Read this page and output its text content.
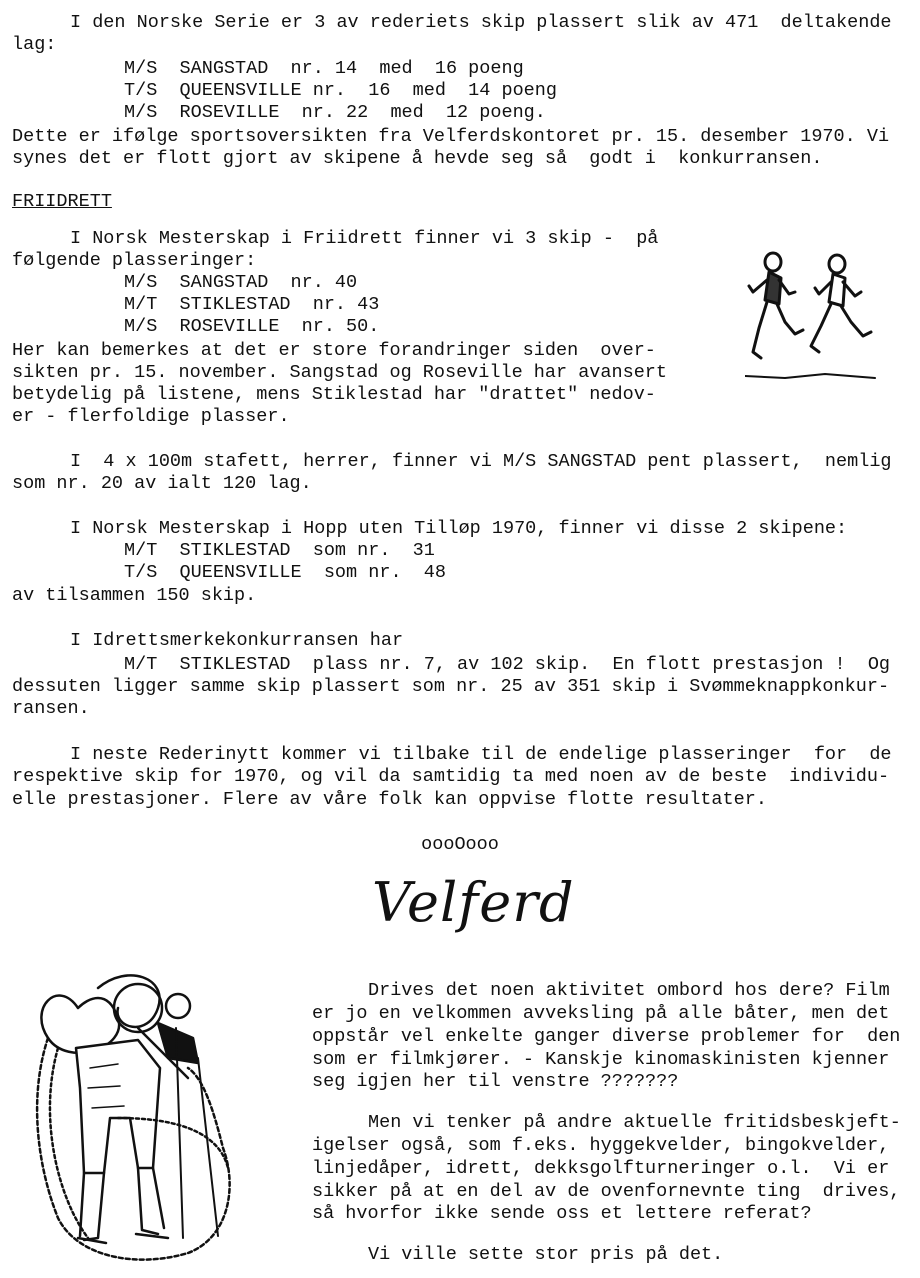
I den Norske Serie er 3 av rederiets skip plassert slik av 471  deltakende
lag:
M/S  SANGSTAD  nr. 14  med  16 poeng
T/S  QUEENSVILLE nr.  16  med  14 poeng
M/S  ROSEVILLE  nr. 22  med  12 poeng.
Dette er ifølge sportsoversikten fra Velferdskontoret pr. 15. desember 1970. Vi
synes det er flott gjort av skipene å hevde seg så  godt i  konkurransen.
FRIIDRETT
I Norsk Mesterskap i Friidrett finner vi 3 skip -  på
følgende plasseringer:
M/S  SANGSTAD  nr. 40
M/T  STIKLESTAD  nr. 43
M/S  ROSEVILLE  nr. 50.
Her kan bemerkes at det er store forandringer siden  over-
sikten pr. 15. november. Sangstad og Roseville har avansert
betydelig på listene, mens Stiklestad har "drattet" nedov-
er - flerfoldige plasser.
I  4 x 100m stafett, herrer, finner vi M/S SANGSTAD pent plassert,  nemlig
som nr. 20 av ialt 120 lag.
I Norsk Mesterskap i Hopp uten Tilløp 1970, finner vi disse 2 skipene:
M/T  STIKLESTAD  som nr.  31
T/S  QUEENSVILLE  som nr.  48
av tilsammen 150 skip.
I Idrettsmerkekonkurransen har
M/T  STIKLESTAD  plass nr. 7, av 102 skip.  En flott prestasjon !  Og
dessuten ligger samme skip plassert som nr. 25 av 351 skip i Svømmeknappkonkur-
ransen.
I neste Rederinytt kommer vi tilbake til de endelige plasseringer  for  de
respektive skip for 1970, og vil da samtidig ta med noen av de beste  individu-
elle prestasjoner. Flere av våre folk kan oppvise flotte resultater.
oooOooo
Velferd
Drives det noen aktivitet ombord hos dere? Film
er jo en velkommen avveksling på alle båter, men det
oppstår vel enkelte ganger diverse problemer for  den
som er filmkjører. - Kanskje kinomaskinisten kjenner
seg igjen her til venstre ???????
Men vi tenker på andre aktuelle fritidsbeskjeft-
igelser også, som f.eks. hyggekvelder, bingokvelder,
linjedåper, idrett, dekksgolfturneringer o.l.  Vi er
sikker på at en del av de ovenfornevnte ting  drives,
så hvorfor ikke sende oss et lettere referat?
Vi ville sette stor pris på det.
